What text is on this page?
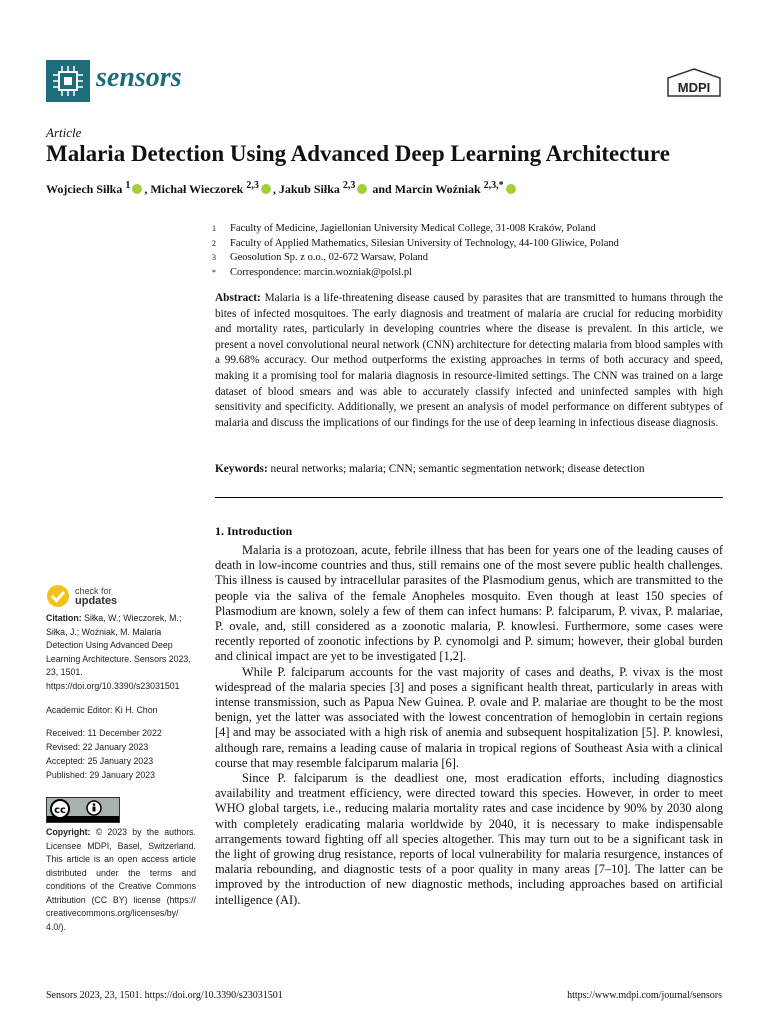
sensors	MDPI
Article
Malaria Detection Using Advanced Deep Learning Architecture
Wojciech Siłka $^1$ , Michał Wieczorek $^{2,3}$ , Jakub Siłka $^{2,3}$ and Marcin Woźniak $^{2,3,*}$
1 Faculty of Medicine, Jagiellonian University Medical College, 31-008 Kraków, Poland
2 Faculty of Applied Mathematics, Silesian University of Technology, 44-100 Gliwice, Poland
3 Geosolution Sp. z o.o., 02-672 Warsaw, Poland
* Correspondence: marcin.wozniak@polsl.pl
Abstract: Malaria is a life-threatening disease caused by parasites that are transmitted to humans through the bites of infected mosquitoes. The early diagnosis and treatment of malaria are crucial for reducing morbidity and mortality rates, particularly in developing countries where the disease is prevalent. In this article, we present a novel convolutional neural network (CNN) architecture for detecting malaria from blood samples with a 99.68% accuracy. Our method outperforms the existing approaches in terms of both accuracy and speed, making it a promising tool for malaria diagnosis in resource-limited settings. The CNN was trained on a large dataset of blood smears and was able to accurately classify infected and uninfected samples with high sensitivity and specificity. Additionally, we present an analysis of model performance on different subtypes of malaria and discuss the implications of our findings for the use of deep learning in infectious disease diagnosis.
Keywords: neural networks; malaria; CNN; semantic segmentation network; disease detection
1. Introduction

Malaria is a protozoan, acute, febrile illness that has been for years one of the leading causes of death in low-income countries and thus, still remains one of the most severe public health challenges. This illness is caused by intracellular parasites of the Plasmodium genus, which are transmitted to the people via the saliva of the female Anopheles mosquito. Even though at least 150 species of Plasmodium are known, solely a few of them can infect humans: P. falciparum, P. vivax, P. malariae, P. ovale, and, still considered as a zoonotic malaria, P. knowlesi. Furthermore, some cases were recently reported of zoonotic infections by P. cynomolgi and P. simum; however, their global burden and clinical impact are yet to be investigated [1,2].

While P. falciparum accounts for the vast majority of cases and deaths, P. vivax is the most widespread of the malaria species [3] and poses a significant health threat, particularly in areas with intense transmission, such as Papua New Guinea. P. ovale and P. malariae are thought to be the most benign, yet the latter was associated with the lowest concentration of hemoglobin in certain regions [4] and may be associated with a high risk of anemia and subsequent hospitalization [5]. P. knowlesi, although rare, remains a leading cause of malaria in tropical regions of Southeast Asia with a clinical course that may resemble falciparum malaria [6].

Since P. falciparum is the deadliest one, most eradication efforts, including diagnostics availability and treatment efficiency, were directed toward this species. However, in order to meet WHO global targets, i.e., reducing malaria mortality rates and case incidence by 90% by 2030 along with completely eradicating malaria worldwide by 2040, it is necessary to make indispensable arrangements toward fighting off all species altogether. This may turn out to be a significant task in the light of growing drug resistance, reports of local vulnerability for malaria resurgence, instances of malaria rebounding, and diagnostic tests of a poor quality in many areas [7–10]. The latter can be improved by the introduction of new diagnostic methods, including approaches based on artificial intelligence (AI).

check for
updates
Citation: Siłka, W.; Wieczorek, M.; Siłka, J.; Woźniak, M. Malaria Detection Using Advanced Deep Learning Architecture. Sensors 2023, 23, 1501. https://doi.org/10.3390/s23031501
Academic Editor: Ki H. Chon
Received: 11 December 2022
Revised: 22 January 2023
Accepted: 25 January 2023
Published: 29 January 2023
cc
Copyright: © 2023 by the authors. Licensee MDPI, Basel, Switzerland. This article is an open access article distributed under the terms and conditions of the Creative Commons Attribution (CC BY) license (https:// creativecommons.org/licenses/by/ 4.0/).
Sensors 2023, 23, 1501. https://doi.org/10.3390/s23031501	https://www.mdpi.com/journal/sensors
